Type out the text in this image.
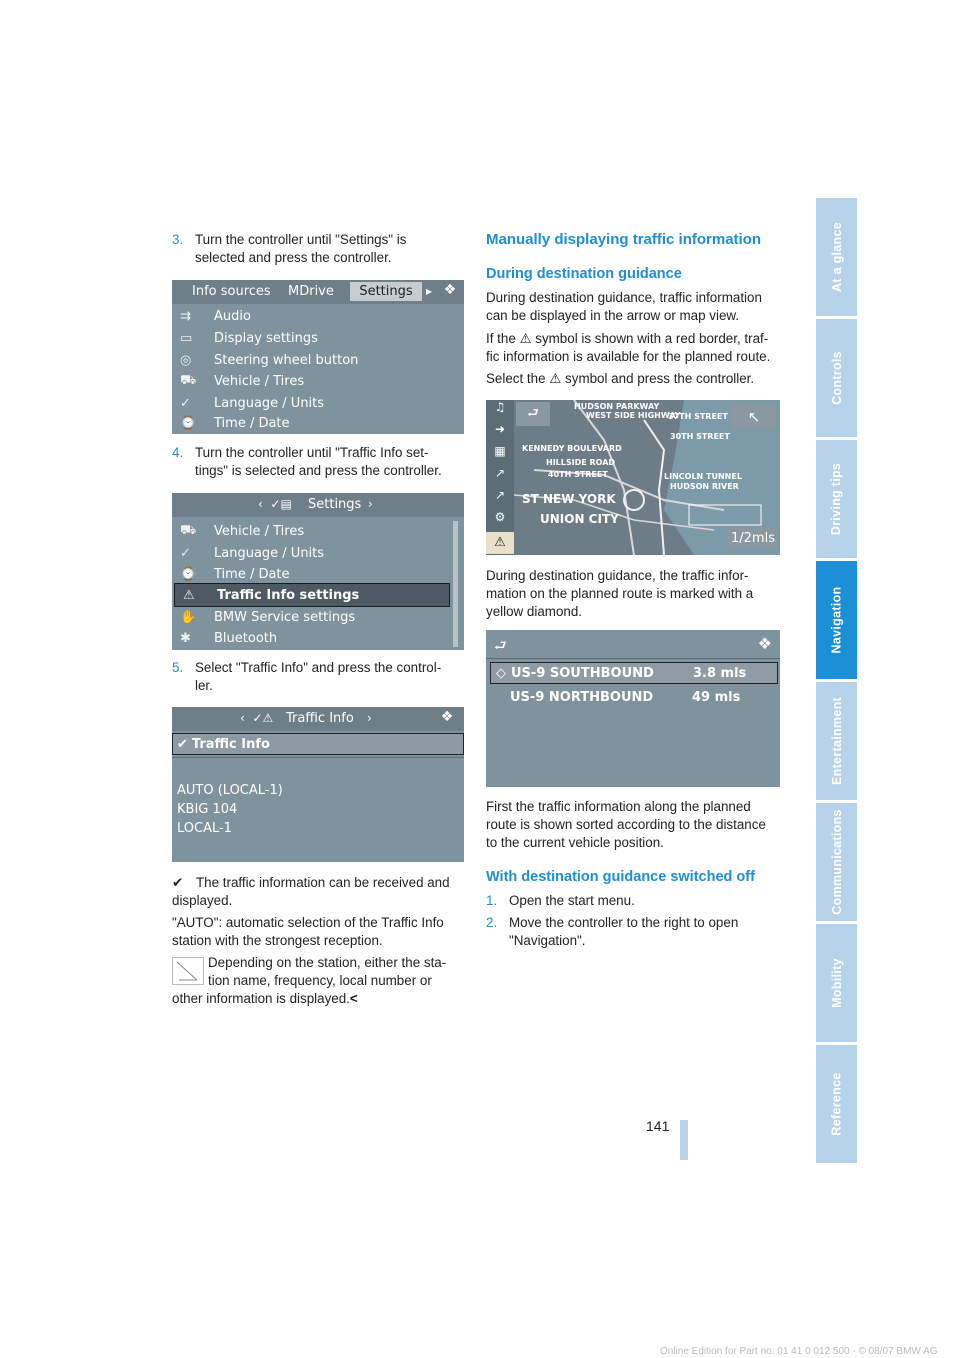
At a glance
Controls
Driving tips
Navigation
Entertainment
Communications
Mobility
Reference
3. Turn the controller until "Settings" is
selected and press the controller.
Info sources MDrive	Settings	▸ ❖
⇉	Audio
▭	Display settings
◎	Steering wheel button
⛟	Vehicle / Tires
✓	Language / Units
⌚	Time / Date
4. Turn the controller until "Traffic Info set-
tings" is selected and press the controller.
‹  ✓▤ Settings ›
⛟	Vehicle / Tires
✓	Language / Units
⌚	Time / Date
⚠	Traffic Info settings
✋	BMW Service settings
✱	Bluetooth
5. Select "Traffic Info" and press the control-
ler.
‹  ✓⚠ Traffic Info ›	❖
✔ Traffic Info
AUTO (LOCAL-1)
KBIG 104
LOCAL-1
✔ The traffic information can be received and
displayed.
"AUTO": automatic selection of the Traffic Info
station with the strongest reception.
Depending on the station, either the sta-
tion name, frequency, local number or
other information is displayed.<
Manually displaying traffic information
During destination guidance
During destination guidance, traffic information
can be displayed in the arrow or map view.
If the ⚠ symbol is shown with a red border, traf-
fic information is available for the planned route.
Select the ⚠ symbol and press the controller.
♫
➜
▦
↗
↗
⚙
⚠
⮐	HUDSON PARKWAY
WEST SIDE HIGHWAY
KENNEDY BOULEVARD
HILLSIDE ROAD
40TH STREET	LINCOLN TUNNEL
HUDSON RIVER
ST NEW YORK
UNION CITY
37TH STREET
30TH STREET
↖
1/2mls
During destination guidance, the traffic infor-
mation on the planned route is marked with a
yellow diamond.
⮐	❖
◇ US-9 SOUTHBOUND	3.8 mls
US-9 NORTHBOUND	49 mls
First the traffic information along the planned
route is shown sorted according to the distance
to the current vehicle position.
With destination guidance switched off
1. Open the start menu.
2. Move the controller to the right to open
"Navigation".
141
Online Edition for Part no. 01 41 0 012 500 - © 08/07 BMW AG
